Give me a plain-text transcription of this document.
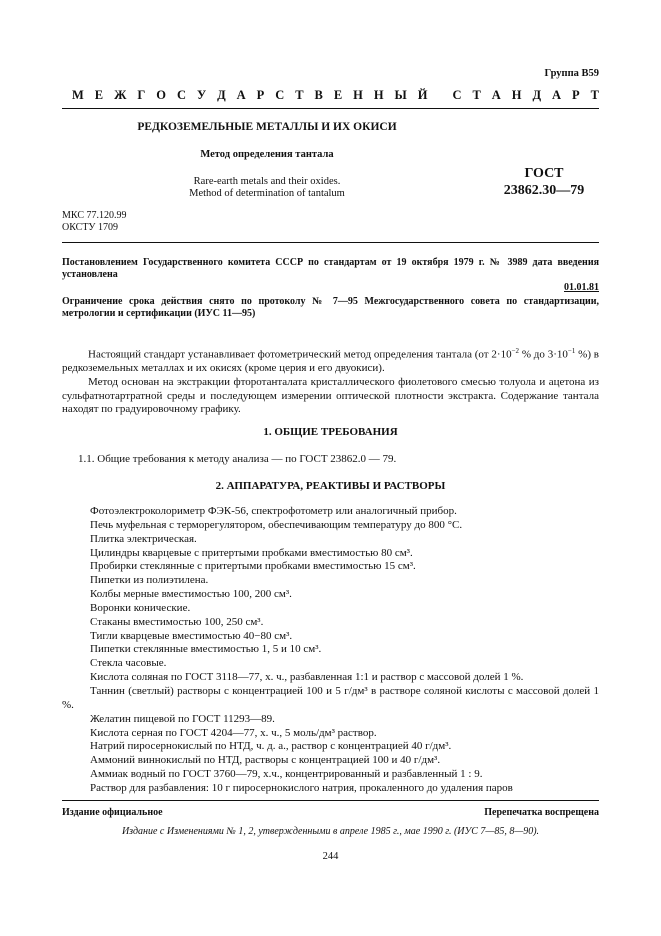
Группа В59
М Е Ж Г О С У Д А Р С Т В Е Н Н Ы Й
С Т А Н Д А Р Т
РЕДКОЗЕМЕЛЬНЫЕ МЕТАЛЛЫ И ИХ ОКИСИ
Метод определения тантала
Rare-earth metals and their oxides.
Method of determination of tantalum
ГОСТ
23862.30—79
МКС 77.120.99
ОКСТУ 1709
Постановлением Государственного комитета СССР по стандартам от 19 октября 1979 г. № 3989 дата введения установлена
01.01.81
Ограничение срока действия снято по протоколу № 7—95 Межгосударственного совета по стандартизации, метрологии и сертификации (ИУС 11—95)

Настоящий стандарт устанавливает фотометрический метод определения тантала (от $2\cdot 10^{-2}$ % до $3\cdot 10^{-1}$ %) в редкоземельных металлах и их окисях (кроме церия и его двуокиси).

Метод основан на экстракции фторотанталата кристаллического фиолетового смесью толуола и ацетона из сульфатнотартратной среды и последующем измерении оптической плотности экстракта. Содержание тантала находят по градуировочному графику.

1. ОБЩИЕ ТРЕБОВАНИЯ
1.1. Общие требования к методу анализа — по ГОСТ 23862.0 — 79.
2. АППАРАТУРА, РЕАКТИВЫ И РАСТВОРЫ

Фотоэлектроколориметр ФЭК-56, спектрофотометр или аналогичный прибор.

Печь муфельная с терморегулятором, обеспечивающим температуру до 800 °С.

Плитка электрическая.

Цилиндры кварцевые с притертыми пробками вместимостью 80 см³.

Пробирки стеклянные с притертыми пробками вместимостью 15 см³.

Пипетки из полиэтилена.

Колбы мерные вместимостью 100, 200 см³.

Воронки конические.

Стаканы вместимостью 100, 250 см³.

Тигли кварцевые вместимостью 40−80 см³.

Пипетки стеклянные вместимостью 1, 5 и 10 см³.

Стекла часовые.

Кислота соляная по ГОСТ 3118—77, х. ч., разбавленная 1:1 и раствор с массовой долей 1 %.

Таннин (светлый) растворы с концентрацией 100 и 5 г/дм³ в растворе соляной кислоты с массовой долей 1 %.

Желатин пищевой по ГОСТ 11293—89.

Кислота серная по ГОСТ 4204—77, х. ч., 5 моль/дм³ раствор.

Натрий пиросернокислый по НТД, ч. д. а., раствор с концентрацией 40 г/дм³.

Аммоний виннокислый по НТД, растворы с концентрацией 100 и 40 г/дм³.

Аммиак водный по ГОСТ 3760—79, х.ч., концентрированный и разбавленный 1 : 9.

Раствор для разбавления: 10 г пиросернокислого натрия, прокаленного до удаления паров

Издание официальное	Перепечатка воспрещена
Издание с Изменениями № 1, 2, утвержденными в апреле 1985 г., мае 1990 г. (ИУС 7—85, 8—90).
244
